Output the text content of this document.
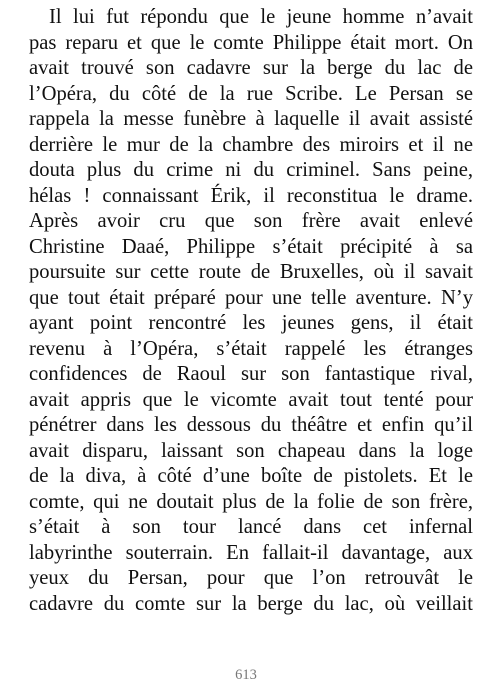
Il lui fut répondu que le jeune homme n’avait
pas reparu et que le comte Philippe était mort. On
avait trouvé son cadavre sur la berge du lac de
l’Opéra, du côté de la rue Scribe. Le Persan se
rappela la messe funèbre à laquelle il avait assisté
derrière le mur de la chambre des miroirs et il ne
douta plus du crime ni du criminel. Sans peine,
hélas ! connaissant Érik, il reconstitua le drame.
Après avoir cru que son frère avait enlevé
Christine Daaé, Philippe s’était précipité à sa
poursuite sur cette route de Bruxelles, où il savait
que tout était préparé pour une telle aventure. N’y
ayant point rencontré les jeunes gens, il était
revenu à l’Opéra, s’était rappelé les étranges
confidences de Raoul sur son fantastique rival,
avait appris que le vicomte avait tout tenté pour
pénétrer dans les dessous du théâtre et enfin qu’il
avait disparu, laissant son chapeau dans la loge
de la diva, à côté d’une boîte de pistolets. Et le
comte, qui ne doutait plus de la folie de son frère,
s’était à son tour lancé dans cet infernal
labyrinthe souterrain. En fallait-il davantage, aux
yeux du Persan, pour que l’on retrouvât le
cadavre du comte sur la berge du lac, où veillait
613
